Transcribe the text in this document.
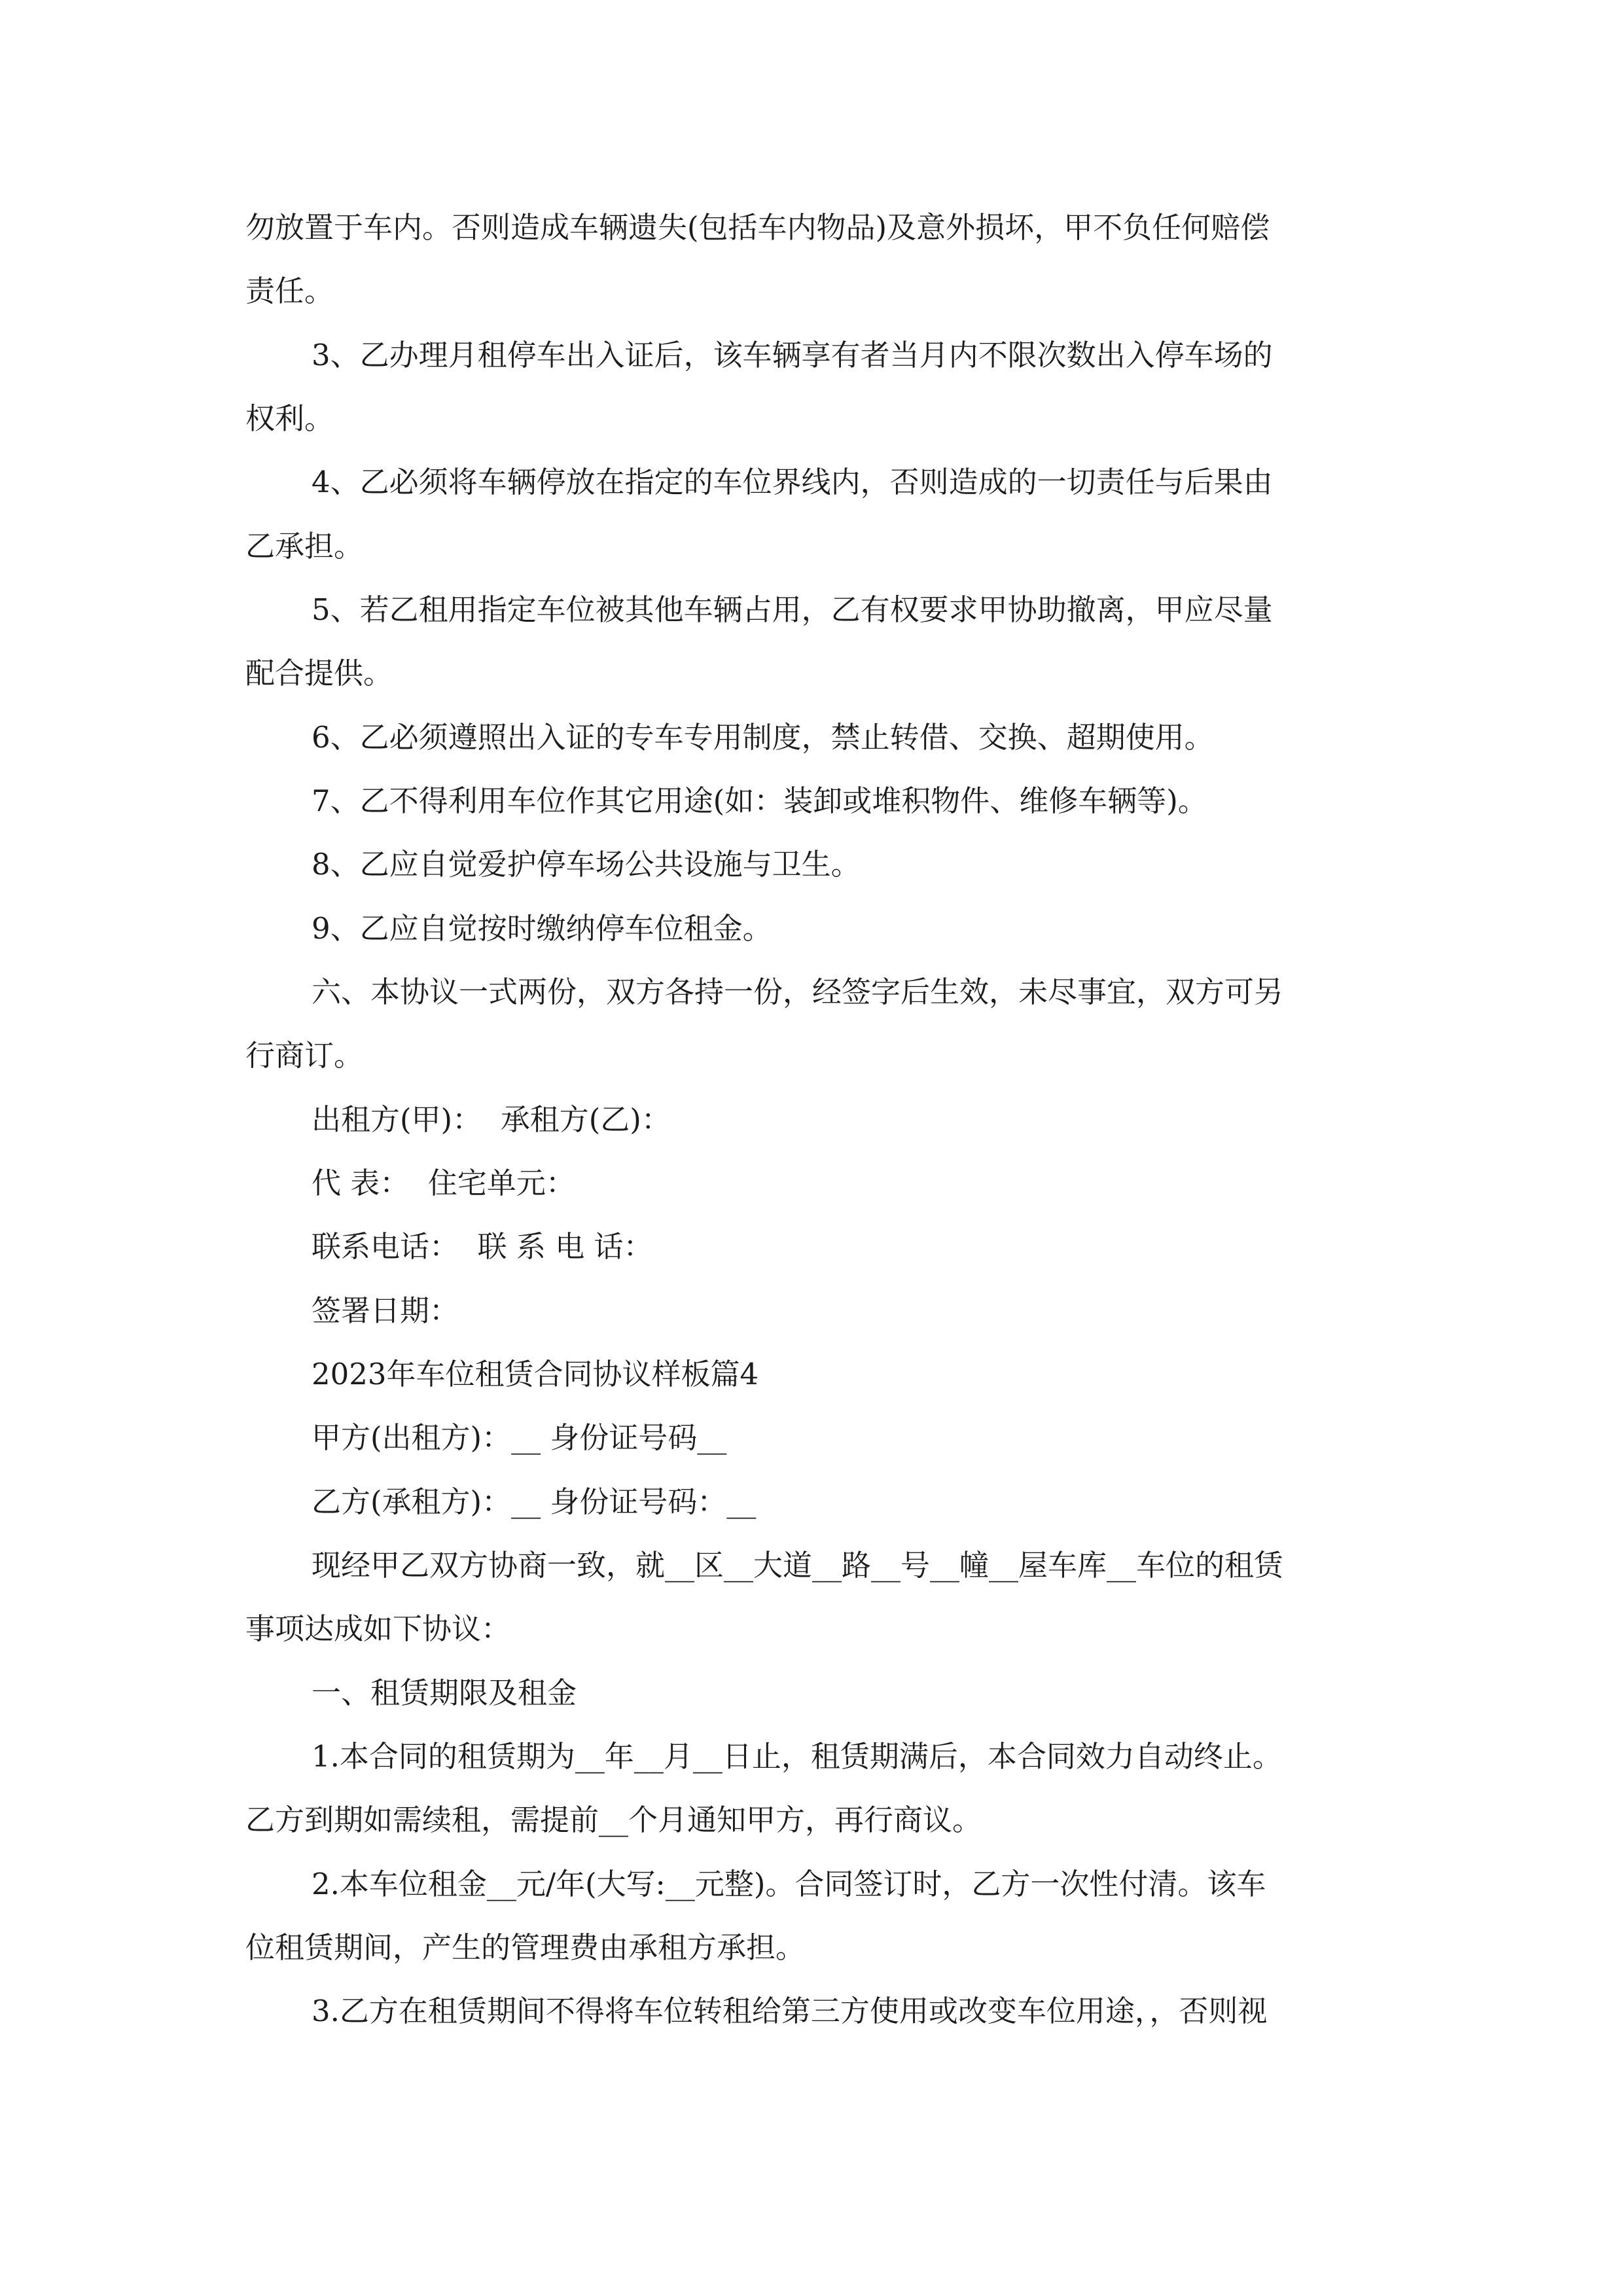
勿放置于车内。否则造成车辆遗失(包括车内物品)及意外损坏，甲不负任何赔偿

责任。

3、乙办理月租停车出入证后，该车辆享有者当月内不限次数出入停车场的

权利。

4、乙必须将车辆停放在指定的车位界线内，否则造成的一切责任与后果由

乙承担。

5、若乙租用指定车位被其他车辆占用，乙有权要求甲协助撤离，甲应尽量

配合提供。

6、乙必须遵照出入证的专车专用制度，禁止转借、交换、超期使用。

7、乙不得利用车位作其它用途(如：装卸或堆积物件、维修车辆等)。

8、乙应自觉爱护停车场公共设施与卫生。

9、乙应自觉按时缴纳停车位租金。

六、本协议一式两份，双方各持一份，经签字后生效，未尽事宜，双方可另

行商订。

出租方(甲)：  承租方(乙)：

代 表：  住宅单元：

联系电话：  联 系 电 话：

签署日期：

2023年车位租赁合同协议样板篇4

甲方(出租方)：__ 身份证号码__

乙方(承租方)：__ 身份证号码：__

现经甲乙双方协商一致，就__区__大道__路__号__幢__屋车库__车位的租赁

事项达成如下协议：

一、租赁期限及租金

1.本合同的租赁期为__年__月__日止，租赁期满后，本合同效力自动终止。

乙方到期如需续租，需提前__个月通知甲方，再行商议。

2.本车位租金__元/年(大写:__元整)。合同签订时，乙方一次性付清。该车

位租赁期间，产生的管理费由承租方承担。

3.乙方在租赁期间不得将车位转租给第三方使用或改变车位用途，，否则视
